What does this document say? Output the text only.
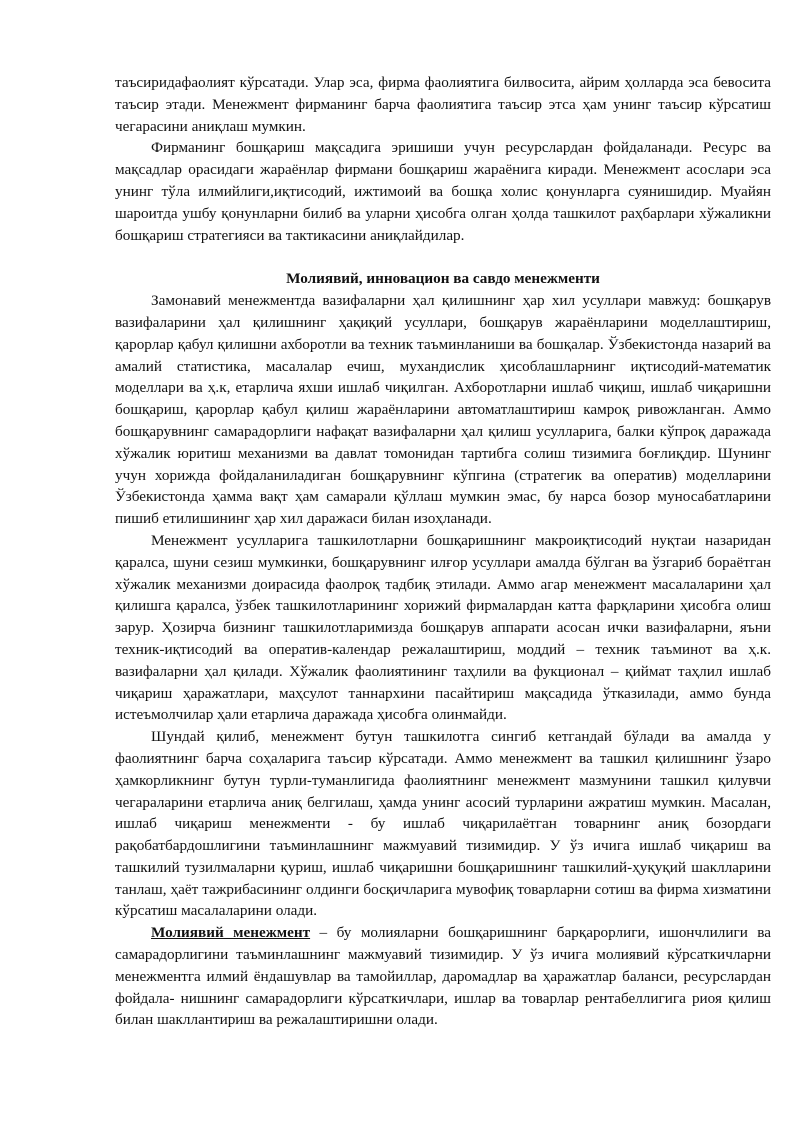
таъсиридафаолият кўрсатади. Улар эса, фирма фаолиятига билвосита, айрим ҳолларда эса бевосита таъсир этади. Менежмент фирманинг барча фаолиятига таъсир этса ҳам унинг таъсир кўрсатиш чегарасини аниқлаш мумкин.

Фирманинг бошқариш мақсадига эришиши учун ресурслардан фойдаланади. Ресурс ва мақсадлар орасидаги жараёнлар фирмани бошқариш жараёнига киради. Менежмент асослари эса унинг тўла илмийлиги,иқтисодий, ижтимоий ва бошқа холис қонунларга суянишидир. Муайян шароитда ушбу қонунларни билиб ва уларни ҳисобга олган ҳолда ташкилот раҳбарлари хўжаликни бошқариш стратегияси ва тактикасини аниқлайдилар.

Молиявий, инновацион ва савдо менежменти

Замонавий менежментда вазифаларни ҳал қилишнинг ҳар хил усуллари мавжуд: бошқарув вазифаларини ҳал қилишнинг ҳақиқий усуллари, бошқарув жараёнларини моделлаштириш, қарорлар қабул қилишни ахборотли ва техник таъминланиши ва бошқалар. Ўзбекистонда назарий ва амалий статистика, масалалар ечиш, мухандислик ҳисоблашларнинг иқтисодий-математик моделлари ва ҳ.к, етарлича яхши ишлаб чиқилган. Ахборотларни ишлаб чиқиш, ишлаб чиқаришни бошқариш, қарорлар қабул қилиш жараёнларини автоматлаштириш камроқ ривожланган. Аммо бошқарувнинг самарадорлиги нафақат вазифаларни ҳал қилиш усулларига, балки кўпроқ даражада хўжалик юритиш механизми ва давлат томонидан тартибга солиш тизимига боғлиқдир. Шунинг учун хорижда фойдаланиладиган бошқарувнинг кўпгина (стратегик ва оператив) моделларини Ўзбекистонда ҳамма вақт ҳам самарали қўллаш мумкин эмас, бу нарса бозор муносабатларини пишиб етилишининг ҳар хил даражаси билан изоҳланади.

Менежмент усулларига ташкилотларни бошқаришнинг макроиқтисодий нуқтаи назаридан қаралса, шуни сезиш мумкинки, бошқарувнинг илғор усуллари амалда бўлган ва ўзгариб бораётган хўжалик механизми доирасида фаолроқ тадбиқ этилади. Аммо агар менежмент масалаларини ҳал қилишга қаралса, ўзбек ташкилотларининг хорижий фирмалардан катта фарқларини ҳисобга олиш зарур. Ҳозирча бизнинг ташкилотларимизда бошқарув аппарати асосан ички вазифаларни, яъни техник-иқтисодий ва оператив-календар режалаштириш, моддий – техник таъминот ва ҳ.к. вазифаларни ҳал қилади. Хўжалик фаолиятининг таҳлили ва фукционал – қиймат таҳлил ишлаб чиқариш ҳаражатлари, маҳсулот таннархини пасайтириш мақсадида ўтказилади, аммо бунда истеъмолчилар ҳали етарлича даражада ҳисобга олинмайди.

Шундай қилиб, менежмент бутун ташкилотга сингиб кетгандай бўлади ва амалда у фаолиятнинг барча соҳаларига таъсир кўрсатади. Аммо менежмент ва ташкил қилишнинг ўзаро ҳамкорликнинг бутун турли-туманлигида фаолиятнинг менежмент мазмунини ташкил қилувчи чегараларини етарлича аниқ белгилаш, ҳамда унинг асосий турларини ажратиш мумкин. Масалан, ишлаб чиқариш менежменти - бу ишлаб чиқарилаётган товарнинг аниқ бозордаги рақобатбардошлигини таъминлашнинг мажмуавий тизимидир. У ўз ичига ишлаб чиқариш ва ташкилий тузилмаларни қуриш, ишлаб чиқаришни бошқаришнинг ташкилий-ҳуқуқий шаклларини танлаш, ҳаёт тажрибасининг олдинги босқичларига мувофиқ товарларни сотиш ва фирма хизматини кўрсатиш масалаларини олади.

Молиявий менежмент – бу молияларни бошқаришнинг барқарорлиги, ишончлилиги ва самарадорлигини таъминлашнинг мажмуавий тизимидир. У ўз ичига молиявий кўрсаткичларни менежментга илмий ёндашувлар ва тамойиллар, даромадлар ва ҳаражатлар баланси, ресурслардан фойдала- нишнинг самарадорлиги кўрсаткичлари, ишлар ва товарлар рентабеллигига риоя қилиш билан шакллантириш ва режалаштиришни олади.
